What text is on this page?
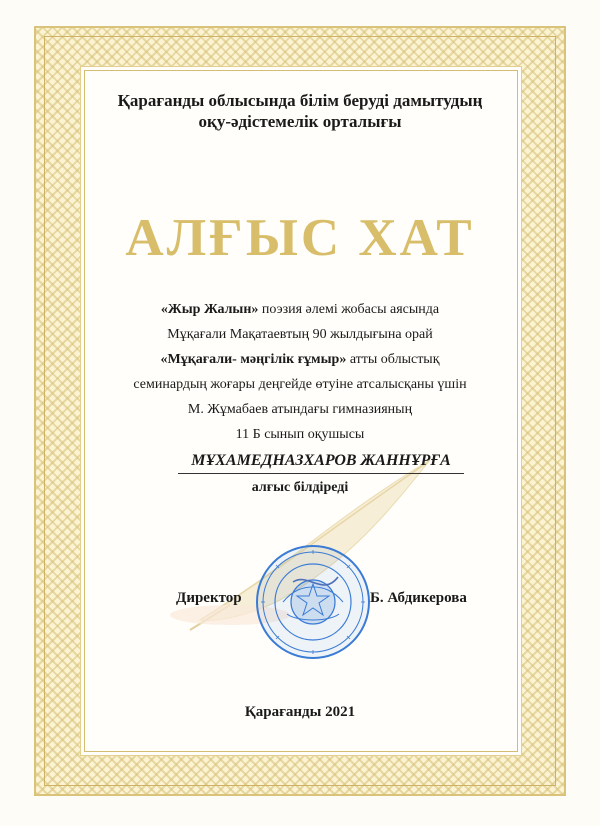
Қарағанды облысында білім беруді дамытудың
оқу-әдістемелік орталығы
АЛҒЫС ХАТ
«Жыр Жалын» поэзия әлемі жобасы аясында
Мұқағали Мақатаевтың 90 жылдығына орай
«Мұқағали- мәңгілік ғұмыр» атты облыстық
семинардың жоғары деңгейде өтуіне атсалысқаны үшін
М. Жұмабаев атындағы гимназияның
11 Б сынып оқушысы
МҰХАМЕДНАЗХАРОВ ЖАННҰРҒА
алғыс білдіреді
Директор	Б. Абдикерова
Қарағанды 2021
